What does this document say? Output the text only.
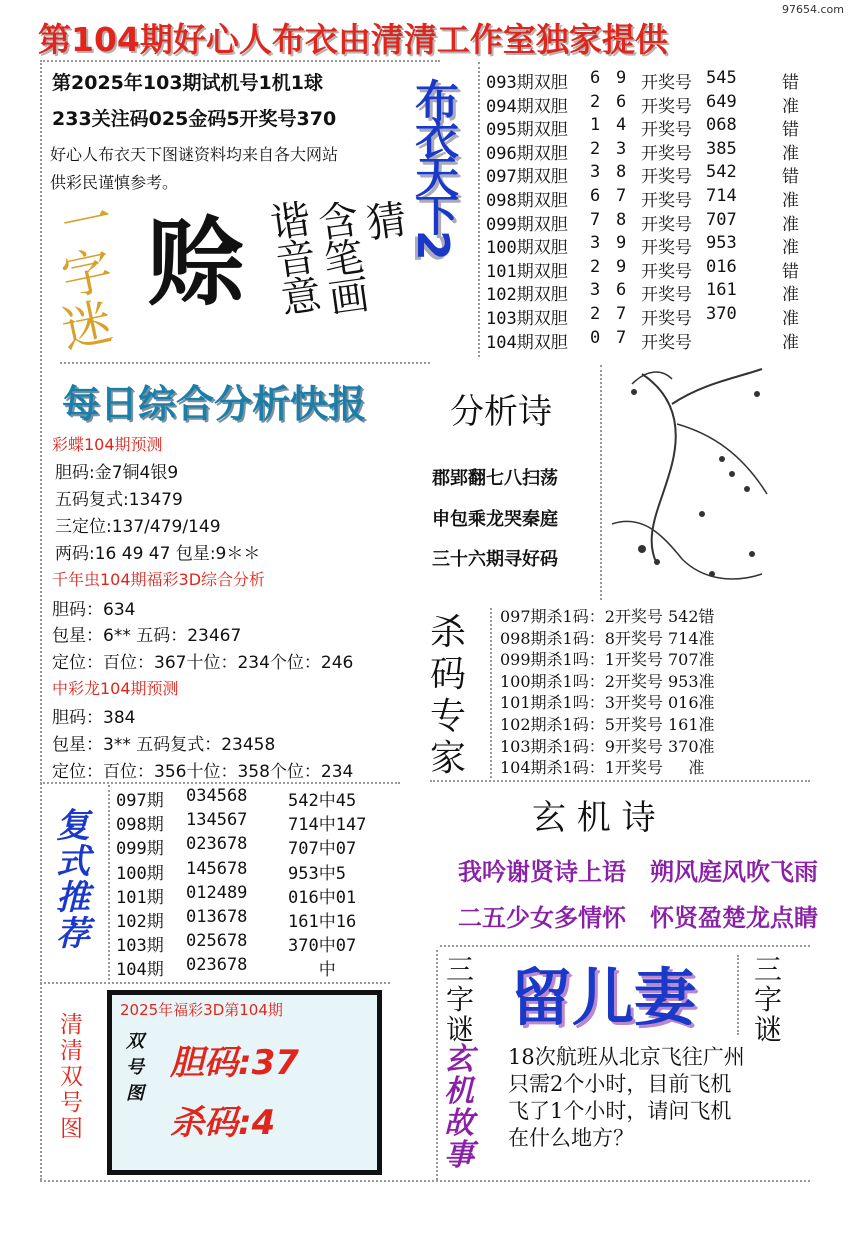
97654.com
第104期好心人布衣由清清工作室独家提供
第2025年103期试机号1机1球
233关注码025金码5开奖号370
好心人布衣天下图谜资料均来自各大网站
供彩民谨慎参考。	布衣天下2
一
字
迷
赊	猜
含笔画
谐音意
093期双胆 6 9 开奖号 545	错
094期双胆 2 6 开奖号 649	准
095期双胆 1 4 开奖号 068	错
096期双胆 2 3 开奖号 385	准
097期双胆 3 8 开奖号 542	错
098期双胆 6 7 开奖号 714	准
099期双胆 7 8 开奖号 707	准
100期双胆 3 9 开奖号 953	准
101期双胆 2 9 开奖号 016	错
102期双胆 3 6 开奖号 161	准
103期双胆 2 7 开奖号 370	准
104期双胆 0 7 开奖号	准
每日综合分析快报
彩蝶104期预测
胆码:金7铜4银9
五码复式:13479
三定位:137/479/149
两码:16 49 47 包星:9＊＊
千年虫104期福彩3D综合分析
胆码：634
包星：6** 五码：23467
定位：百位：367十位：234个位：246
中彩龙104期预测
胆码：384
包星：3** 五码复式：23458
定位：百位：356十位：358个位：234
分析诗
郡郢翻七八扫荡
申包乘龙哭秦庭
三十六期寻好码
杀
码
专
家
097期杀1码：2开奖号 542错
098期杀1码：8开奖号 714准
099期杀1吗：1开奖号 707准
100期杀1吗：2开奖号 953准
101期杀1吗：3开奖号 016准
102期杀1码：5开奖号 161准
103期杀1码：9开奖号 370准
104期杀1码：1开奖号     准
复
式
推
荐
097期 034568 542中45
098期 134567 714中147
099期 023678 707中07
100期 145678 953中5
101期 012489 016中01
102期 013678 161中16
103期 025678 370中07
104期 023678 中
玄 机 诗
我吟谢贤诗上语　朔风庭风吹飞雨
二五少女多情怀　怀贤盈楚龙点睛
三
字
谜 留儿妻 三
字
谜
清
清
双
号
图
2025年福彩3D第104期
双
号
图
胆码:37
杀码:4
玄
机
故
事
18次航班从北京飞往广州
只需2个小时，目前飞机
飞了1个小时，请问飞机
在什么地方？
